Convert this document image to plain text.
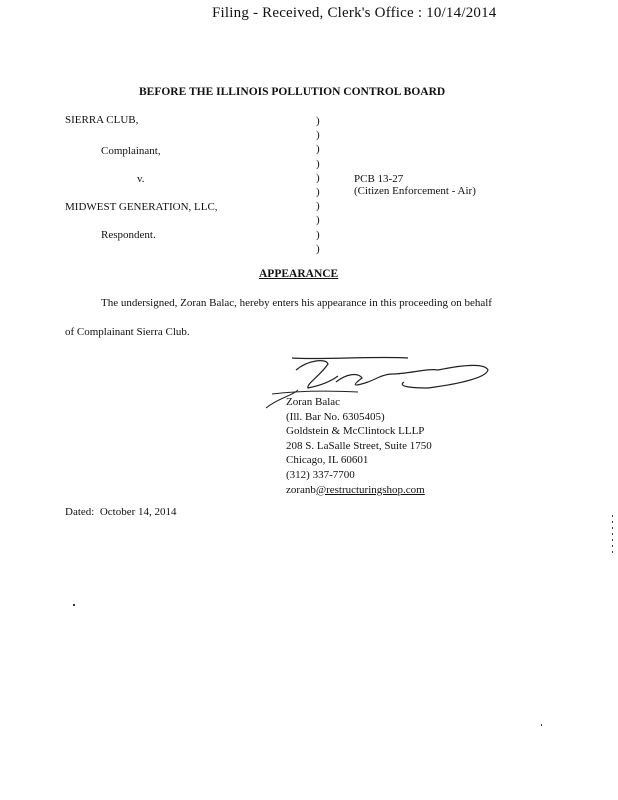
Filing - Received, Clerk's Office : 10/14/2014
BEFORE THE ILLINOIS POLLUTION CONTROL BOARD
SIERRA CLUB,
Complainant,
v.
MIDWEST GENERATION, LLC,
Respondent.
)
)
)
)
)
)
)
)
)
)
PCB 13-27
(Citizen Enforcement - Air)
APPEARANCE
The undersigned, Zoran Balac, hereby enters his appearance in this proceeding on behalf
of Complainant Sierra Club.
Zoran Balac
(Ill. Bar No. 6305405)
Goldstein & McClintock LLLP
208 S. LaSalle Street, Suite 1750
Chicago, IL 60601
(312) 337-7700
zoranb@restructuringshop.com
Dated: October 14, 2014
